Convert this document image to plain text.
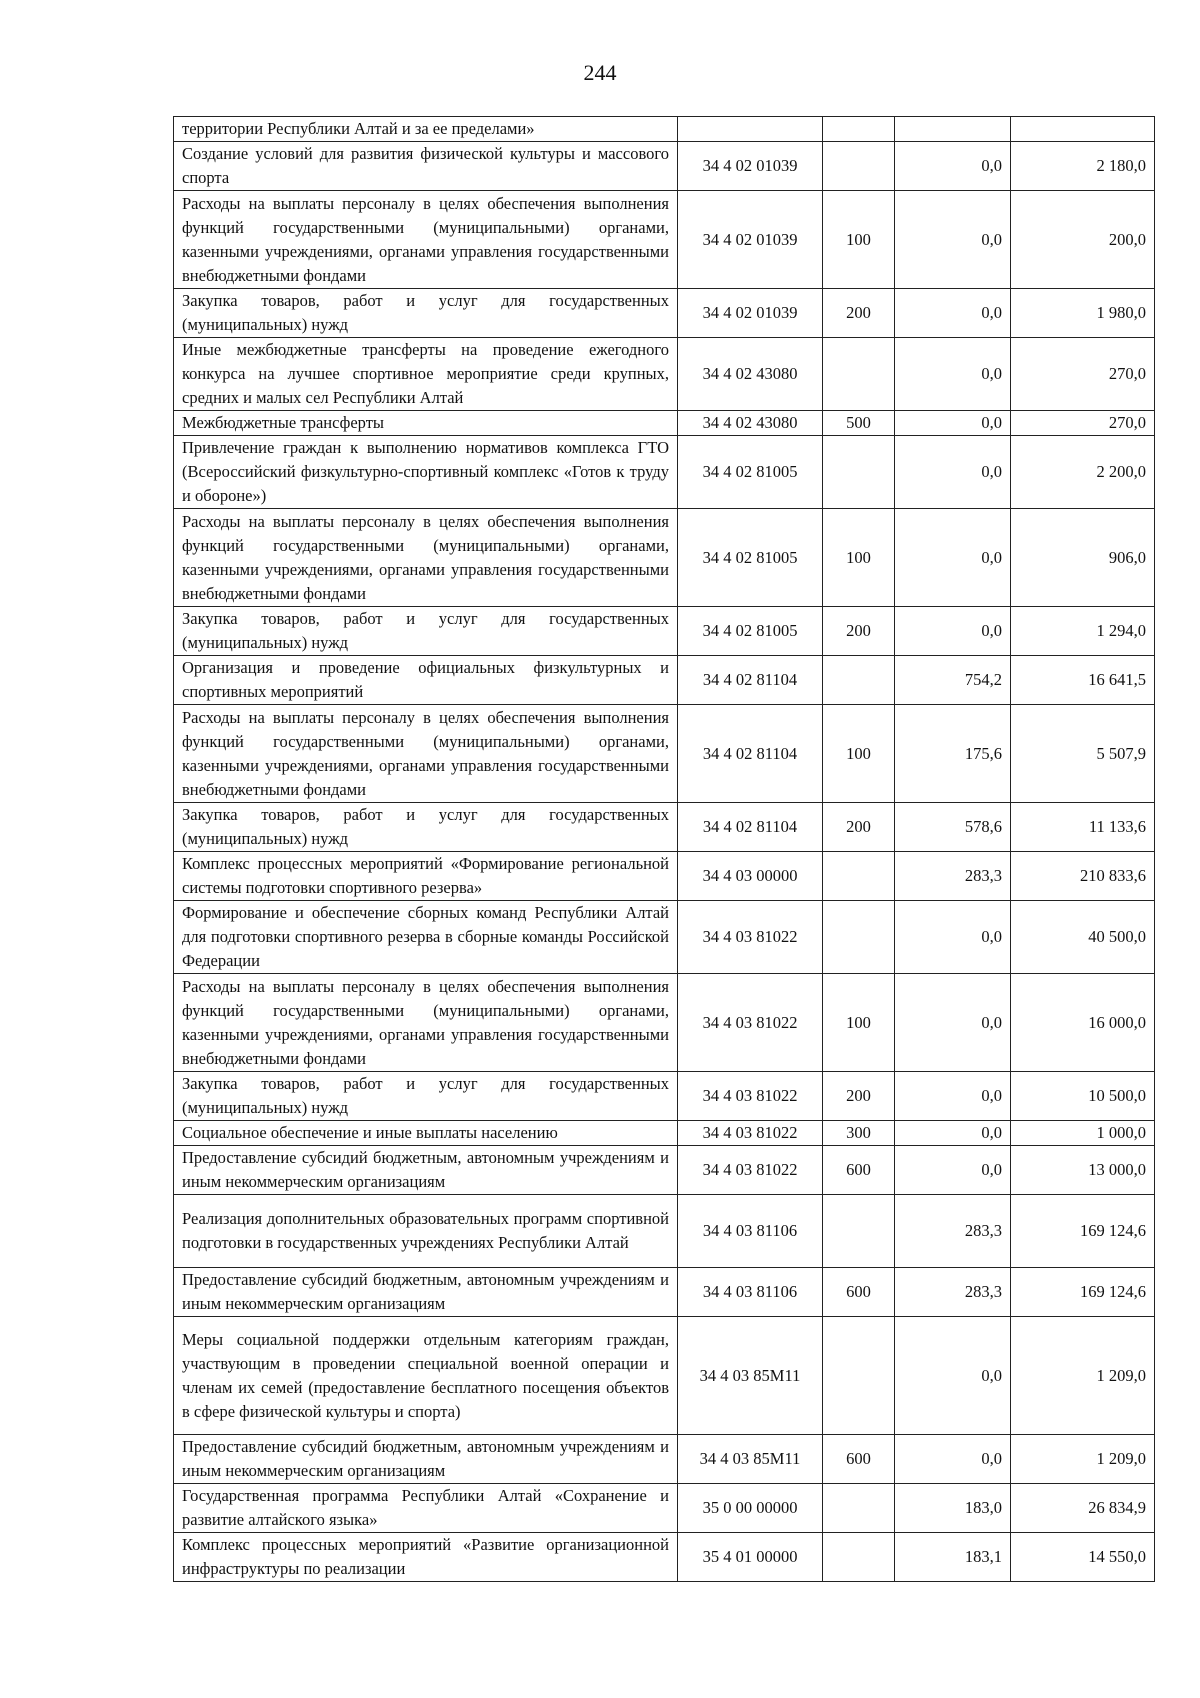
244
территории Республики Алтай и за ее пределами»				
Создание условий для развития физической культуры и массового спорта	34 4 02 01039		0,0	2 180,0
Расходы на выплаты персоналу в целях обеспечения выполнения функций государственными (муниципальными) органами, казенными учреждениями, органами управления государственными внебюджетными фондами	34 4 02 01039	100	0,0	200,0
Закупка товаров, работ и услуг для государственных (муниципальных) нужд	34 4 02 01039	200	0,0	1 980,0
Иные межбюджетные трансферты на проведение ежегодного конкурса на лучшее спортивное мероприятие среди крупных, средних и малых сел Республики Алтай	34 4 02 43080		0,0	270,0
Межбюджетные трансферты	34 4 02 43080	500	0,0	270,0
Привлечение граждан к выполнению нормативов комплекса ГТО (Всероссийский физкультурно-спортивный комплекс «Готов к труду и обороне»)	34 4 02 81005		0,0	2 200,0
Расходы на выплаты персоналу в целях обеспечения выполнения функций государственными (муниципальными) органами, казенными учреждениями, органами управления государственными внебюджетными фондами	34 4 02 81005	100	0,0	906,0
Закупка товаров, работ и услуг для государственных (муниципальных) нужд	34 4 02 81005	200	0,0	1 294,0
Организация и проведение официальных физкультурных и спортивных мероприятий	34 4 02 81104		754,2	16 641,5
Расходы на выплаты персоналу в целях обеспечения выполнения функций государственными (муниципальными) органами, казенными учреждениями, органами управления государственными внебюджетными фондами	34 4 02 81104	100	175,6	5 507,9
Закупка товаров, работ и услуг для государственных (муниципальных) нужд	34 4 02 81104	200	578,6	11 133,6
Комплекс процессных мероприятий «Формирование региональной системы подготовки спортивного резерва»	34 4 03 00000		283,3	210 833,6
Формирование и обеспечение сборных команд Республики Алтай для подготовки спортивного резерва в сборные команды Российской Федерации	34 4 03 81022		0,0	40 500,0
Расходы на выплаты персоналу в целях обеспечения выполнения функций государственными (муниципальными) органами, казенными учреждениями, органами управления государственными внебюджетными фондами	34 4 03 81022	100	0,0	16 000,0
Закупка товаров, работ и услуг для государственных (муниципальных) нужд	34 4 03 81022	200	0,0	10 500,0
Социальное обеспечение и иные выплаты населению	34 4 03 81022	300	0,0	1 000,0
Предоставление субсидий бюджетным, автономным учреждениям и иным некоммерческим организациям	34 4 03 81022	600	0,0	13 000,0
Реализация дополнительных образовательных программ спортивной подготовки в государственных учреждениях Республики Алтай	34 4 03 81106		283,3	169 124,6
Предоставление субсидий бюджетным, автономным учреждениям и иным некоммерческим организациям	34 4 03 81106	600	283,3	169 124,6
Меры социальной поддержки отдельным категориям граждан, участвующим в проведении специальной военной операции и членам их семей (предоставление бесплатного посещения объектов в сфере физической культуры и спорта)	34 4 03 85М11		0,0	1 209,0
Предоставление субсидий бюджетным, автономным учреждениям и иным некоммерческим организациям	34 4 03 85М11	600	0,0	1 209,0
Государственная программа Республики Алтай «Сохранение и развитие алтайского языка»	35 0 00 00000		183,0	26 834,9
Комплекс процессных мероприятий «Развитие организационной инфраструктуры по реализации	35 4 01 00000		183,1	14 550,0
